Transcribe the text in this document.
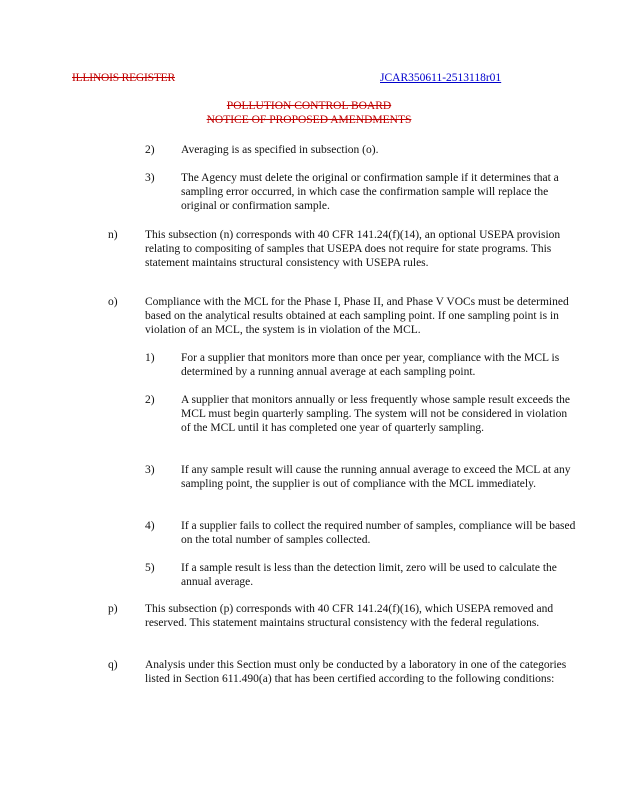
ILLINOIS REGISTER	JCAR350611-2513118r01
POLLUTION CONTROL BOARD
NOTICE OF PROPOSED AMENDMENTS
2) Averaging is as specified in subsection (o).
3) The Agency must delete the original or confirmation sample if it determines that a sampling error occurred, in which case the confirmation sample will replace the original or confirmation sample.
n) This subsection (n) corresponds with 40 CFR 141.24(f)(14), an optional USEPA provision relating to compositing of samples that USEPA does not require for state programs. This statement maintains structural consistency with USEPA rules.
o) Compliance with the MCL for the Phase I, Phase II, and Phase V VOCs must be determined based on the analytical results obtained at each sampling point. If one sampling point is in violation of an MCL, the system is in violation of the MCL.
1) For a supplier that monitors more than once per year, compliance with the MCL is determined by a running annual average at each sampling point.
2) A supplier that monitors annually or less frequently whose sample result exceeds the MCL must begin quarterly sampling. The system will not be considered in violation of the MCL until it has completed one year of quarterly sampling.
3) If any sample result will cause the running annual average to exceed the MCL at any sampling point, the supplier is out of compliance with the MCL immediately.
4) If a supplier fails to collect the required number of samples, compliance will be based on the total number of samples collected.
5) If a sample result is less than the detection limit, zero will be used to calculate the annual average.
p) This subsection (p) corresponds with 40 CFR 141.24(f)(16), which USEPA removed and reserved. This statement maintains structural consistency with the federal regulations.
q) Analysis under this Section must only be conducted by a laboratory in one of the categories listed in Section 611.490(a) that has been certified according to the following conditions:
